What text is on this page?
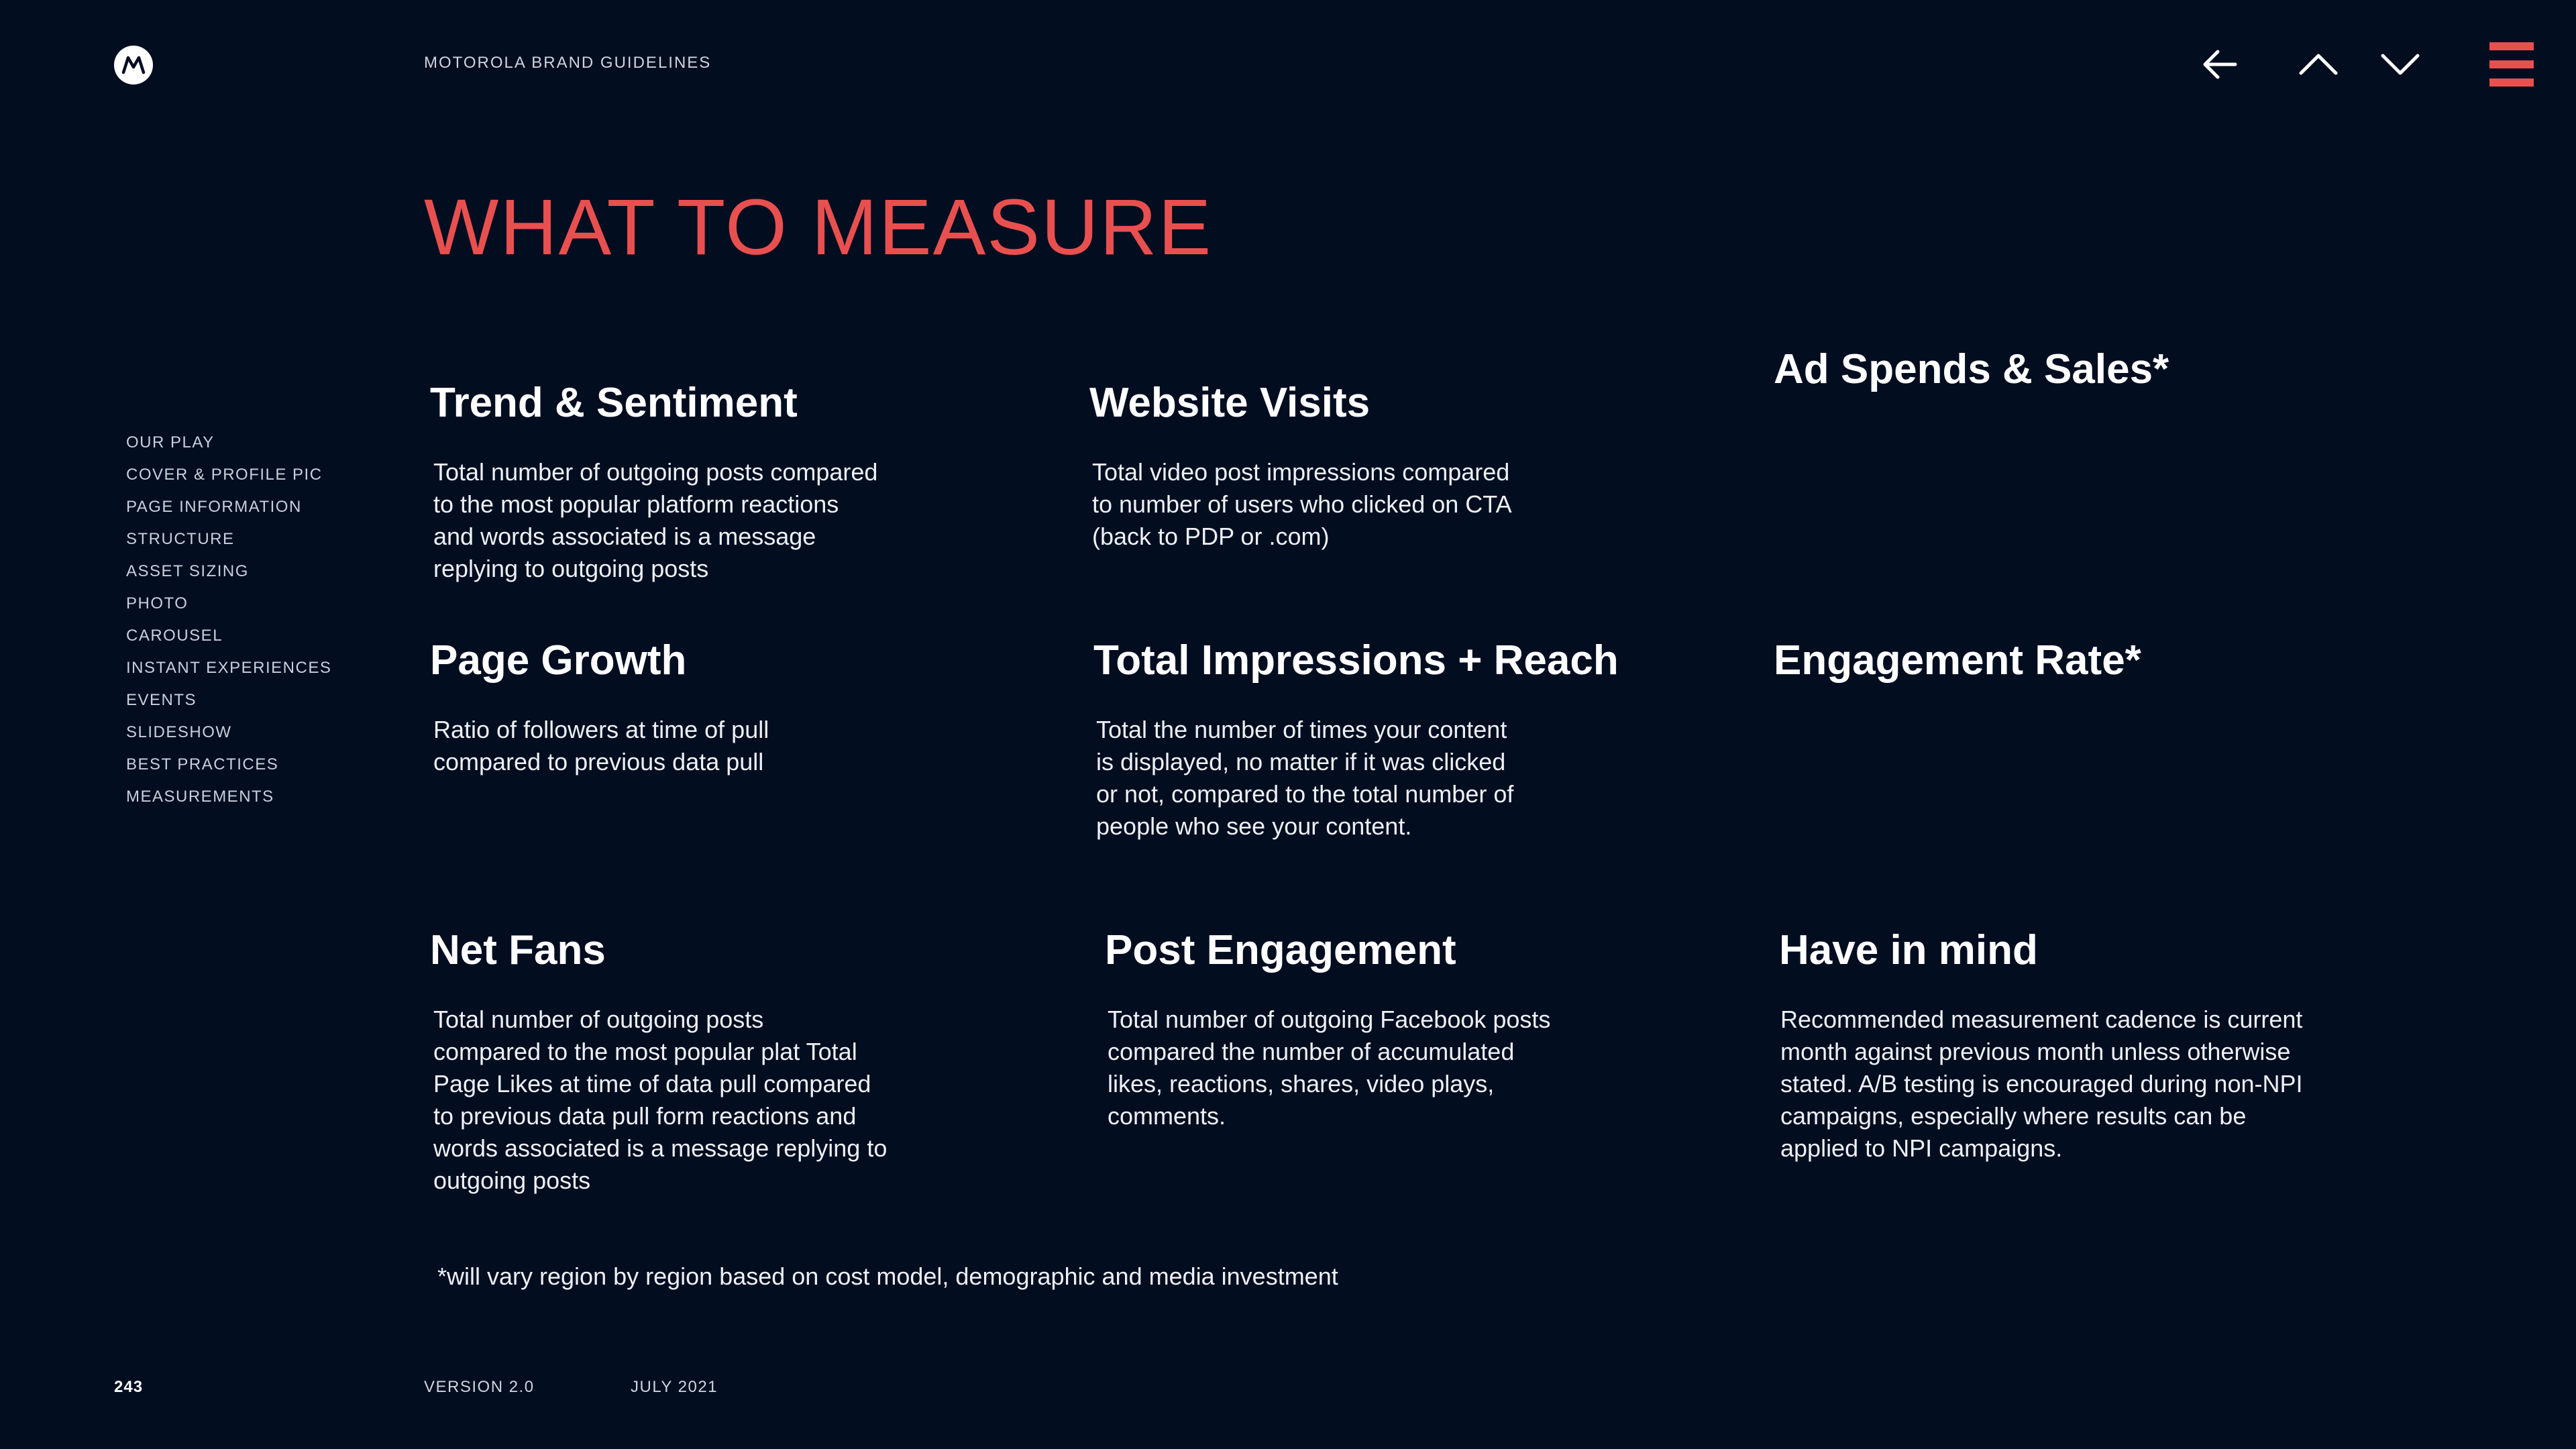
MOTOROLA BRAND GUIDELINES
WHAT TO MEASURE
OUR PLAY
COVER & PROFILE PIC
PAGE INFORMATION
STRUCTURE
ASSET SIZING
PHOTO
CAROUSEL
INSTANT EXPERIENCES
EVENTS
SLIDESHOW
BEST PRACTICES
MEASUREMENTS
Trend & Sentiment

Total number of outgoing posts compared
to the most popular platform reactions
and words associated is a message
replying to outgoing posts

Website Visits

Total video post impressions compared
to number of users who clicked on CTA
(back to PDP or .com)

Ad Spends & Sales*
Page Growth

Ratio of followers at time of pull
compared to previous data pull

Total Impressions + Reach

Total the number of times your content
is displayed, no matter if it was clicked
or not, compared to the total number of
people who see your content.

Engagement Rate*
Net Fans

Total number of outgoing posts
compared to the most popular plat Total
Page Likes at time of data pull compared
to previous data pull form reactions and
words associated is a message replying to
outgoing posts

Post Engagement

Total number of outgoing Facebook posts
compared the number of accumulated
likes, reactions, shares, video plays,
comments.

Have in mind

Recommended measurement cadence is current
month against previous month unless otherwise
stated. A/B testing is encouraged during non-NPI
campaigns, especially where results can be
applied to NPI campaigns.

*will vary region by region based on cost model, demographic and media investment
243	VERSION 2.0	JULY 2021
